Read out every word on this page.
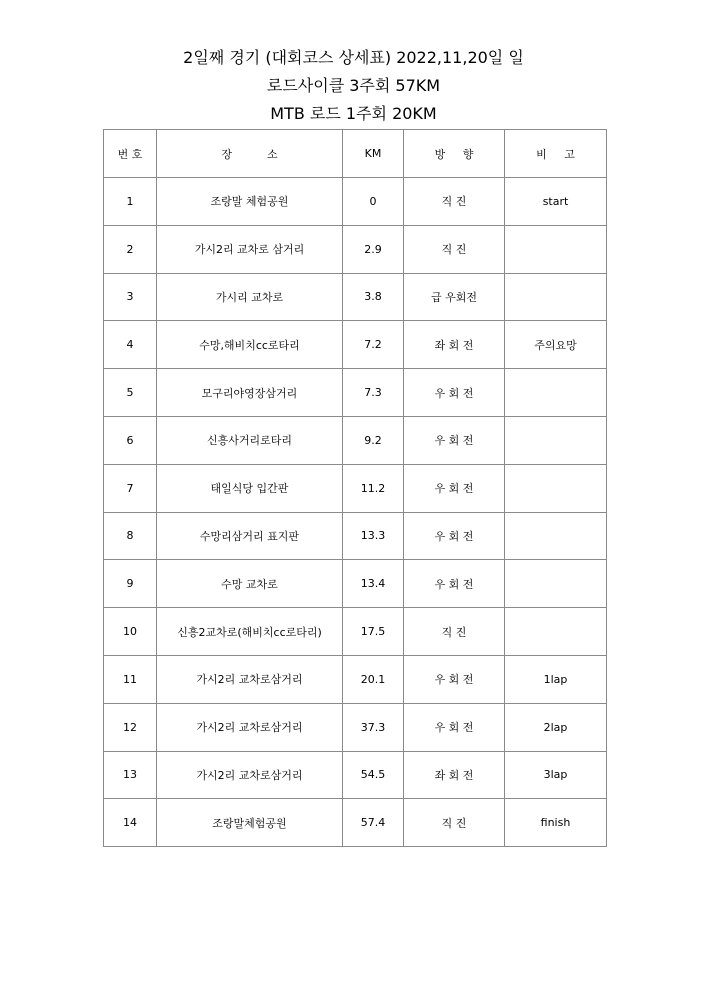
2일째 경기 (대회코스 상세표) 2022,11,20일 일
로드사이클 3주회 57KM
MTB 로드 1주회 20KM
번 호	장          소	KM	방     향	비     고
1	조랑말 체험공원	0	직 진	start
2	가시2리 교차로 삼거리	2.9	직 진	
3	가시리 교차로	3.8	급 우회전	
4	수망,해비치cc로타리	7.2	좌 회 전	주의요망
5	모구리야영장삼거리	7.3	우 회 전	
6	신흥사거리로타리	9.2	우 회 전	
7	태일식당 입간판	11.2	우 회 전	
8	수망리삼거리 표지판	13.3	우 회 전	
9	수망 교차로	13.4	우 회 전	
10	신흥2교차로(해비치cc로타리)	17.5	직 진	
11	가시2리 교차로삼거리	20.1	우 회 전	1lap
12	가시2리 교차로삼거리	37.3	우 회 전	2lap
13	가시2리 교차로삼거리	54.5	좌 회 전	3lap
14	조랑말체험공원	57.4	직 진	finish
